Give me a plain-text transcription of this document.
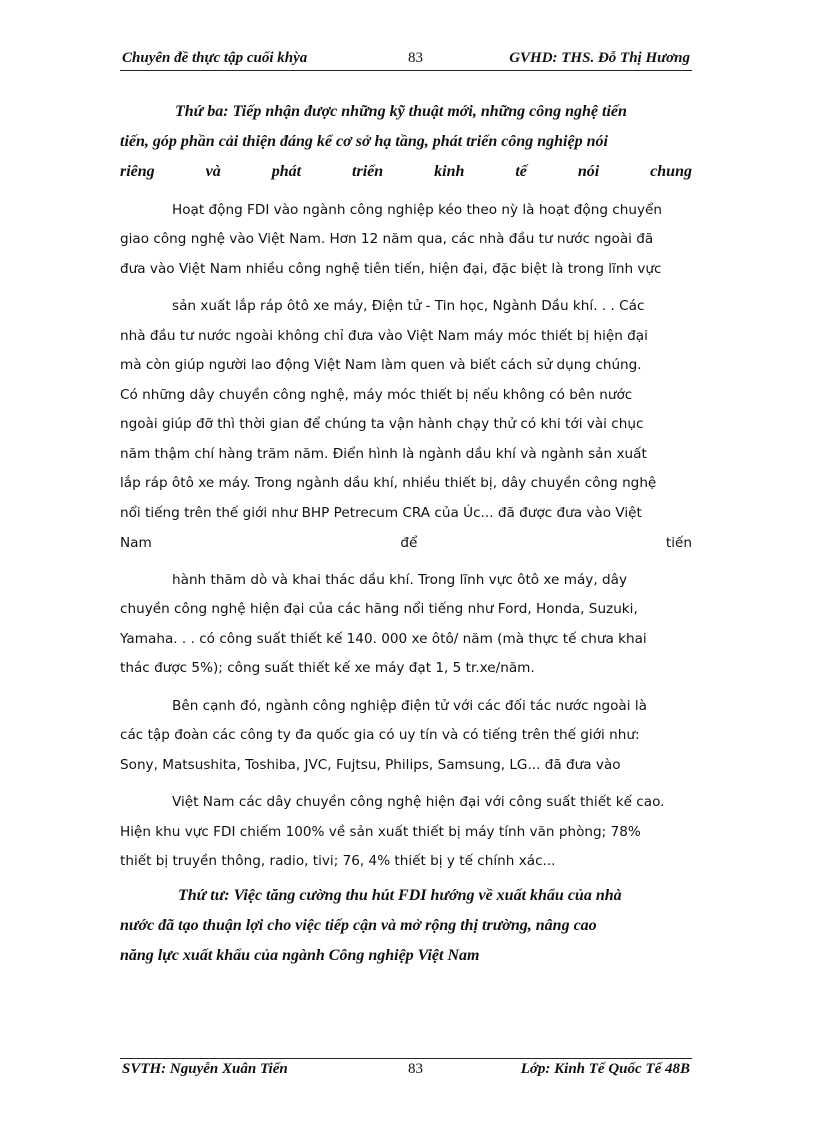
Chuyên đề thực tập cuối khỳa	83	GVHD: THS. Đỗ Thị Hương
Thứ ba: Tiếp nhận được những kỹ thuật mới, những công nghệ tiến
tiến, góp phần cải thiện đáng kể cơ sở hạ tầng, phát triển công nghiệp nói
riêng	và	phát	triển	kinh	tế	nói	chung
Hoạt động FDI vào ngành công nghiệp kéo theo nỳ là hoạt động chuyển
giao công nghệ vào Việt Nam. Hơn 12 năm qua, các nhà đầu tư nước ngoài đã
đưa vào Việt Nam nhiều công nghệ tiên tiến, hiện đại, đặc biệt là trong lĩnh vực
sản xuất lắp ráp ôtô xe máy, Điện tử - Tin học, Ngành Dầu khí. . . Các
nhà đầu tư nước ngoài không chỉ đưa vào Việt Nam máy móc thiết bị hiện đại
mà còn giúp người lao động Việt Nam làm quen và biết cách sử dụng chúng.
Có những dây chuyền công nghệ, máy móc thiết bị nếu không có bên nước
ngoài giúp đỡ thì thời gian để chúng ta vận hành chạy thử có khi tới vài chục
năm thậm chí hàng trăm năm. Điển hình là ngành dầu khí và ngành sản xuất
lắp ráp ôtô xe máy. Trong ngành dầu khí, nhiều thiết bị, dây chuyền công nghệ
nổi tiếng trên thế giới như BHP Petrecum CRA của Úc... đã được đưa vào Việt
Nam	để	tiến
hành thăm dò và khai thác dầu khí. Trong lĩnh vực ôtô xe máy, dây
chuyền công nghệ hiện đại của các hãng nổi tiếng như Ford, Honda, Suzuki,
Yamaha. . . có công suất thiết kế 140. 000 xe ôtô/ năm (mà thực tế chưa khai
thác được 5%); công suất thiết kế xe máy đạt 1, 5 tr.xe/năm.
Bên cạnh đó, ngành công nghiệp điện tử với các đối tác nước ngoài là
các tập đoàn các công ty đa quốc gia có uy tín và có tiếng trên thế giới như:
Sony, Matsushita, Toshiba, JVC, Fujtsu, Philips, Samsung, LG... đã đưa vào
Việt Nam các dây chuyền công nghệ hiện đại với công suất thiết kế cao.
Hiện khu vực FDI chiếm 100% về sản xuất thiết bị máy tính văn phòng; 78%
thiết bị truyền thông, radio, tivi; 76, 4% thiết bị y tế chính xác...
Thứ tư: Việc tăng cường thu hút FDI hướng về xuất khẩu của nhà
nước đã tạo thuận lợi cho việc tiếp cận và mở rộng thị trường, nâng cao
năng lực xuất khẩu của ngành Công nghiệp Việt Nam
SVTH: Nguyễn Xuân Tiến	83	Lớp: Kinh Tế Quốc Tế 48B
